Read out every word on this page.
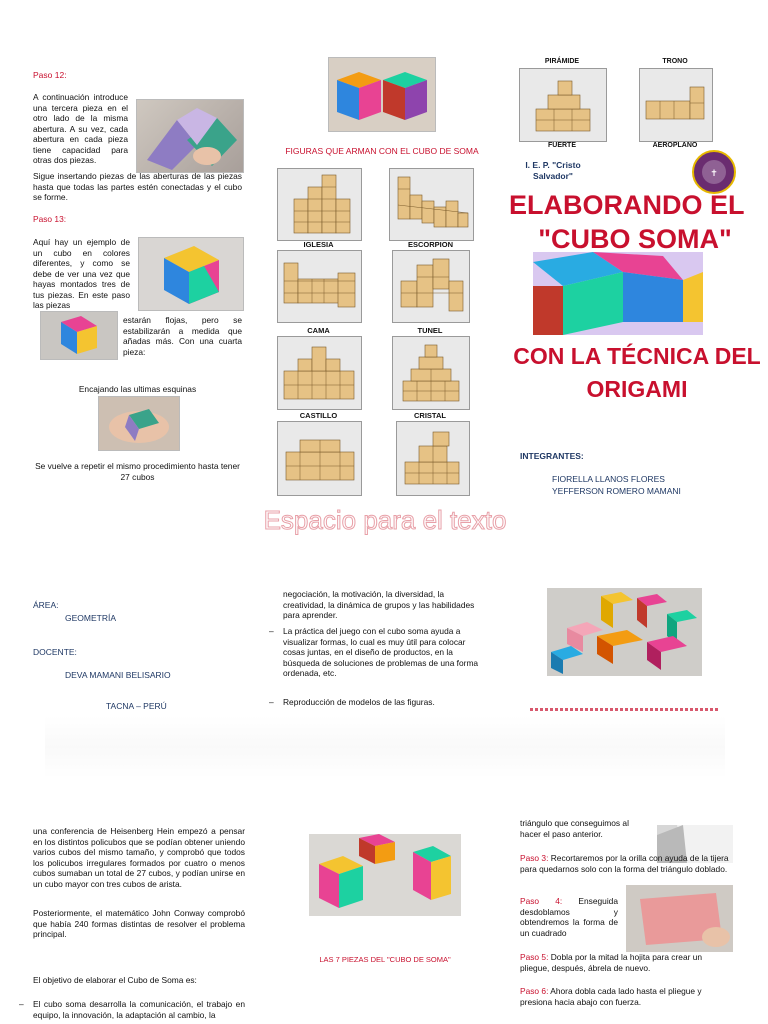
Paso 12:
A continuación introduce una tercera pieza en el otro lado de la misma abertura. A su vez, cada abertura en cada pieza tiene capacidad para otras dos piezas.
Sigue insertando piezas de las aberturas de las piezas hasta que todas las partes estén conectadas y el cubo se forme.
Paso 13:
Aquí hay un ejemplo de un cubo en colores diferentes, y como se debe de ver una vez que hayas montados tres de tus piezas. En este paso las piezas
estarán flojas, pero se estabilizarán a medida que añadas más. Con una cuarta pieza:
Encajando las ultimas esquinas
Se vuelve a repetir el mismo procedimiento hasta tener 27 cubos
FIGURAS QUE ARMAN CON EL CUBO DE SOMA
IGLESIA	ESCORPION
CAMA	TUNEL
CASTILLO	CRISTAL
PIRÁMIDE	TRONO
FUERTE	AEROPLANO
I. E. P. "Cristo Salvador"	✝
ELABORANDO EL
"CUBO SOMA"
CON LA TÉCNICA DEL
ORIGAMI
INTEGRANTES:
FIORELLA LLANOS FLORES
YEFFERSON ROMERO MAMANI
Espacio para el texto
ÁREA:
GEOMETRÍA
DOCENTE:
DEVA MAMANI BELISARIO
TACNA – PERÚ
negociación, la motivación, la diversidad, la creatividad, la dinámica de grupos y las habilidades para aprender.
– La práctica del juego con el cubo soma ayuda a visualizar formas, lo cual es muy útil para colocar cosas juntas, en el diseño de productos, en la búsqueda de soluciones de problemas de una forma ordenada, etc.
– Reproducción de modelos de las figuras.
una conferencia de Heisenberg Hein empezó a pensar en los distintos policubos que se podían obtener uniendo varios cubos del mismo tamaño, y comprobó que todos los policubos irregulares formados por cuatro o menos cubos sumaban un total de 27 cubos, y podían unirse en un cubo mayor con tres cubos de arista.
Posteriormente, el matemático John Conway comprobó que había 240 formas distintas de resolver el problema principal.
El objetivo de elaborar el Cubo de Soma es:
– El cubo soma desarrolla la comunicación, el trabajo en equipo, la innovación, la adaptación al cambio, la
LAS 7 PIEZAS DEL "CUBO DE SOMA"
triángulo que conseguimos al hacer el paso anterior.
Paso 3: Recortaremos por la orilla con ayuda de la tijera para quedarnos solo con la forma del triángulo doblado.
Paso 4: Enseguida desdoblamos y obtendremos la forma de un cuadrado
Paso 5: Dobla por la mitad la hojita para crear un pliegue, después, ábrela de nuevo.
Paso 6: Ahora dobla cada lado hasta el pliegue y presiona hacia abajo con fuerza.
